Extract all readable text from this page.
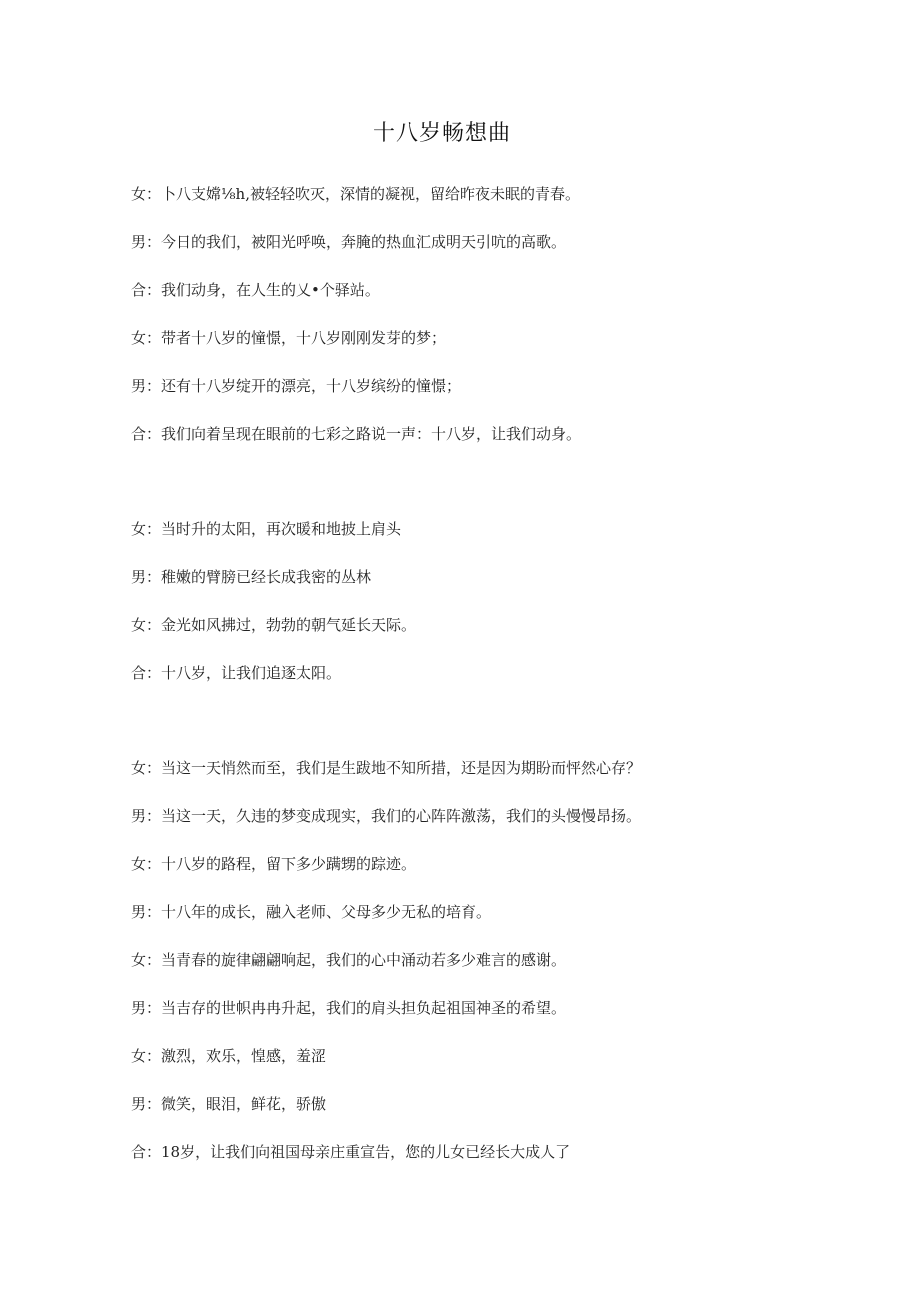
十八岁畅想曲
女：卜八支嫦⅛h,被轻轻吹灭，深情的凝视，留给昨夜未眠的青春。
男：今日的我们，被阳光呼唤，奔腌的热血汇成明天引吭的高歌。
合：我们动身，在人生的乂•个驿站。
女：带者十八岁的憧憬，十八岁刚刚发芽的梦；
男：还有十八岁绽开的漂亮，十八岁缤纷的憧憬；
合：我们向着呈现在眼前的七彩之路说一声：十八岁，让我们动身。
女：当时升的太阳，再次暖和地披上肩头
男：稚嫩的臂膀已经长成我密的丛林
女：金光如风拂过，勃勃的朝气延长天际。
合：十八岁，让我们追逐太阳。
女：当这一天悄然而至，我们是生跋地不知所措，还是因为期盼而怦然心存？
男：当这一天，久违的梦变成现实，我们的心阵阵激荡，我们的头慢慢昂扬。
女：十八岁的路程，留下多少蹒甥的踪迹。
男：十八年的成长，融入老师、父母多少无私的培育。
女：当青春的旋律翩翩响起，我们的心中涌动若多少难言的感谢。
男：当吉存的世帜冉冉升起，我们的肩头担负起祖国神圣的希望。
女：激烈，欢乐，惶感，羞涩
男：微笑，眼泪，鲜花，骄傲
合：18岁，让我们向祖国母亲庄重宣告，您的儿女已经长大成人了
